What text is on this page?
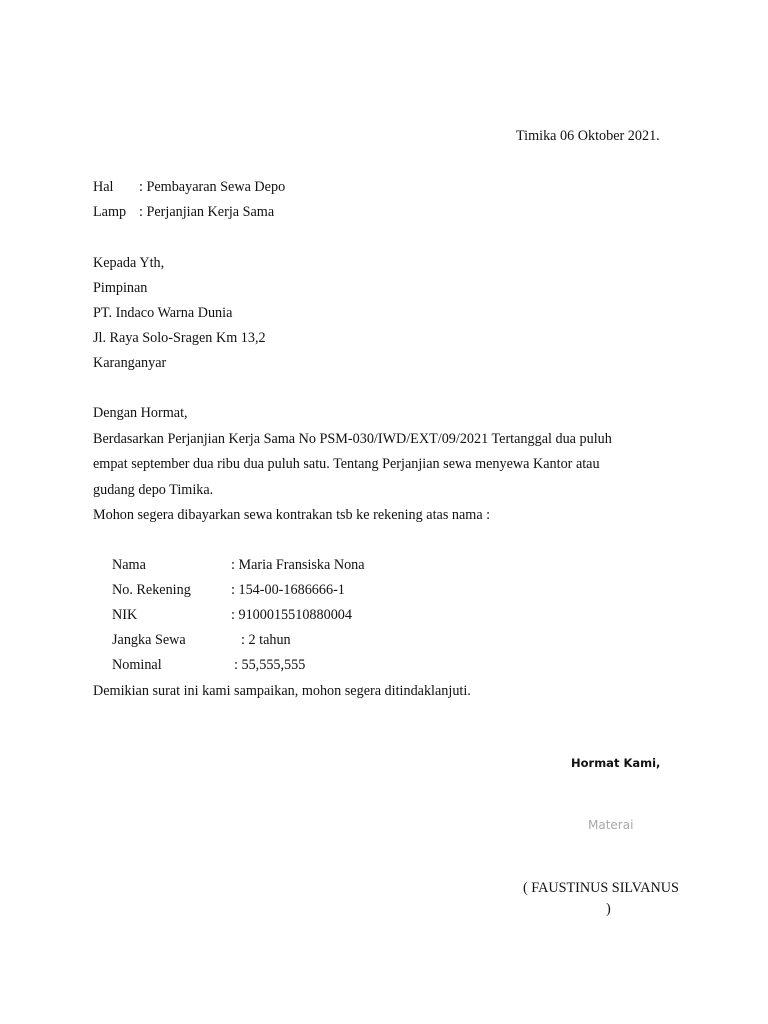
Timika 06 Oktober 2021.
Hal : Pembayaran Sewa Depo
Lamp : Perjanjian Kerja Sama
Kepada Yth,
Pimpinan
PT. Indaco Warna Dunia
Jl. Raya Solo-Sragen Km 13,2
Karanganyar
Dengan Hormat,
Berdasarkan Perjanjian Kerja Sama No PSM-030/IWD/EXT/09/2021 Tertanggal dua puluh
empat september dua ribu dua puluh satu. Tentang Perjanjian sewa menyewa Kantor atau
gudang depo Timika.
Mohon segera dibayarkan sewa kontrakan tsb ke rekening atas nama :
Nama	: Maria Fransiska Nona
No. Rekening	: 154-00-1686666-1
NIK	: 9100015510880004
Jangka Sewa	: 2 tahun
Nominal	: 55,555,555
Demikian surat ini kami sampaikan, mohon segera ditindaklanjuti.
Hormat Kami,
Materai
( FAUSTINUS SILVANUS
)
